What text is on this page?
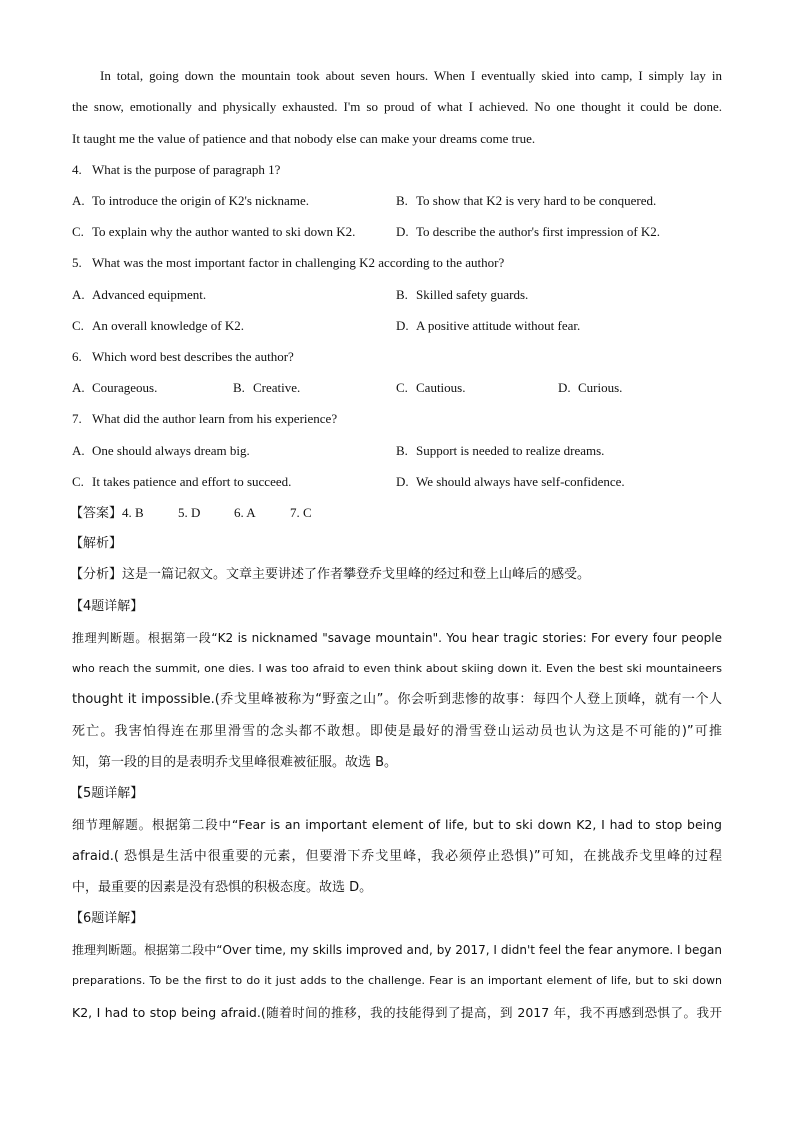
In total, going down the mountain took about seven hours. When I eventually skied into camp, I simply lay in
the snow, emotionally and physically exhausted. I'm so proud of what I achieved. No one thought it could be done.
It taught me the value of patience and that nobody else can make your dreams come true.
4. What is the purpose of paragraph 1?
A. To introduce the origin of K2's nickname.	B. To show that K2 is very hard to be conquered.
C. To explain why the author wanted to ski down K2.	D. To describe the author's first impression of K2.
5. What was the most important factor in challenging K2 according to the author?
A. Advanced equipment.	B. Skilled safety guards.
C. An overall knowledge of K2.	D. A positive attitude without fear.
6. Which word best describes the author?
A. Courageous.	B. Creative.	C. Cautious.	D. Curious.
7. What did the author learn from his experience?
A. One should always dream big.	B. Support is needed to realize dreams.
C. It takes patience and effort to succeed.	D. We should always have self-confidence.
【答案】4. B	5. D	6. A	7. C
【解析】
【分析】这是一篇记叙文。文章主要讲述了作者攀登乔戈里峰的经过和登上山峰后的感受。
【4题详解】
推理判断题。根据第一段“K2 is nicknamed "savage mountain". You hear tragic stories: For every four people
who reach the summit, one dies. I was too afraid to even think about skiing down it. Even the best ski mountaineers
thought it impossible.(乔戈里峰被称为“野蛮之山”。你会听到悲惨的故事：每四个人登上顶峰，就有一个人
死亡。我害怕得连在那里滑雪的念头都不敢想。即使是最好的滑雪登山运动员也认为这是不可能的)”可推
知，第一段的目的是表明乔戈里峰很难被征服。故选 B。
【5题详解】
细节理解题。根据第二段中“Fear is an important element of life, but to ski down K2, I had to stop being
afraid.( 恐惧是生活中很重要的元素，但要滑下乔戈里峰，我必须停止恐惧)”可知，在挑战乔戈里峰的过程
中，最重要的因素是没有恐惧的积极态度。故选 D。
【6题详解】
推理判断题。根据第二段中“Over time, my skills improved and, by 2017, I didn't feel the fear anymore. I began
preparations. To be the first to do it just adds to the challenge. Fear is an important element of life, but to ski down
K2, I had to stop being afraid.(随着时间的推移，我的技能得到了提高，到 2017 年，我不再感到恐惧了。我开
